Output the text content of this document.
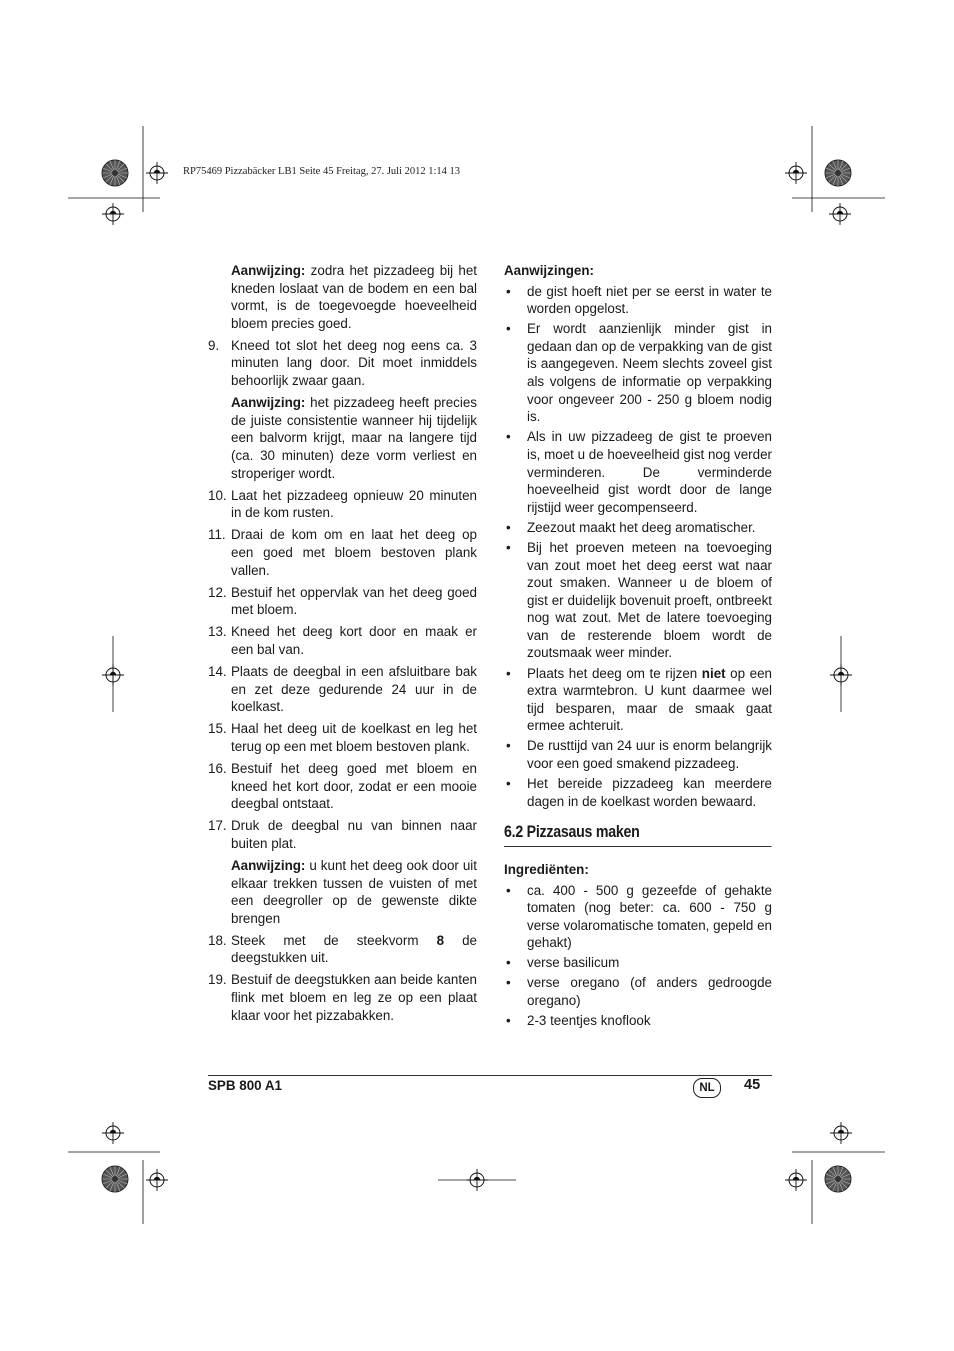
RP75469 Pizzabäcker LB1 Seite 45 Freitag, 27. Juli 2012 1:14 13

Aanwijzing: zodra het pizzadeeg bij het kneden loslaat van de bodem en een bal vormt, is de toegevoegde hoeveelheid bloem precies goed.

9. Kneed tot slot het deeg nog eens ca. 3 minuten lang door. Dit moet inmiddels behoorlijk zwaar gaan.

Aanwijzing: het pizzadeeg heeft precies de juiste consistentie wanneer hij tijdelijk een balvorm krijgt, maar na langere tijd (ca. 30 minuten) deze vorm verliest en stroperiger wordt.

10. Laat het pizzadeeg opnieuw 20 minuten in de kom rusten.
11. Draai de kom om en laat het deeg op een goed met bloem bestoven plank vallen.
12. Bestuif het oppervlak van het deeg goed met bloem.
13. Kneed het deeg kort door en maak er een bal van.
14. Plaats de deegbal in een afsluitbare bak en zet deze gedurende 24 uur in de koelkast.
15. Haal het deeg uit de koelkast en leg het terug op een met bloem bestoven plank.
16. Bestuif het deeg goed met bloem en kneed het kort door, zodat er een mooie deegbal ontstaat.
17. Druk de deegbal nu van binnen naar buiten plat.

Aanwijzing: u kunt het deeg ook door uit elkaar trekken tussen de vuisten of met een deegroller op de gewenste dikte brengen

18. Steek met de steekvorm 8 de deegstukken uit.
19. Bestuif de deegstukken aan beide kanten flink met bloem en leg ze op een plaat klaar voor het pizzabakken.
Aanwijzingen:
• de gist hoeft niet per se eerst in water te worden opgelost.
• Er wordt aanzienlijk minder gist in gedaan dan op de verpakking van de gist is aangegeven. Neem slechts zoveel gist als volgens de informatie op verpakking voor ongeveer 200 - 250 g bloem nodig is.
• Als in uw pizzadeeg de gist te proeven is, moet u de hoeveelheid gist nog verder verminderen. De verminderde hoeveelheid gist wordt door de lange rijstijd weer gecompenseerd.
• Zeezout maakt het deeg aromatischer.
• Bij het proeven meteen na toevoeging van zout moet het deeg eerst wat naar zout smaken. Wanneer u de bloem of gist er duidelijk bovenuit proeft, ontbreekt nog wat zout. Met de latere toevoeging van de resterende bloem wordt de zoutsmaak weer minder.
• Plaats het deeg om te rijzen niet op een extra warmtebron. U kunt daarmee wel tijd besparen, maar de smaak gaat ermee achteruit.
• De rusttijd van 24 uur is enorm belangrijk voor een goed smakend pizzadeeg.
• Het bereide pizzadeeg kan meerdere dagen in de koelkast worden bewaard.
6.2 Pizzasaus maken
Ingrediënten:
• ca. 400 - 500 g gezeefde of gehakte tomaten (nog beter: ca. 600 - 750 g verse volaromatische tomaten, gepeld en gehakt)
• verse basilicum
• verse oregano (of anders gedroogde oregano)
• 2-3 teentjes knoflook
SPB 800 A1	NL	45
